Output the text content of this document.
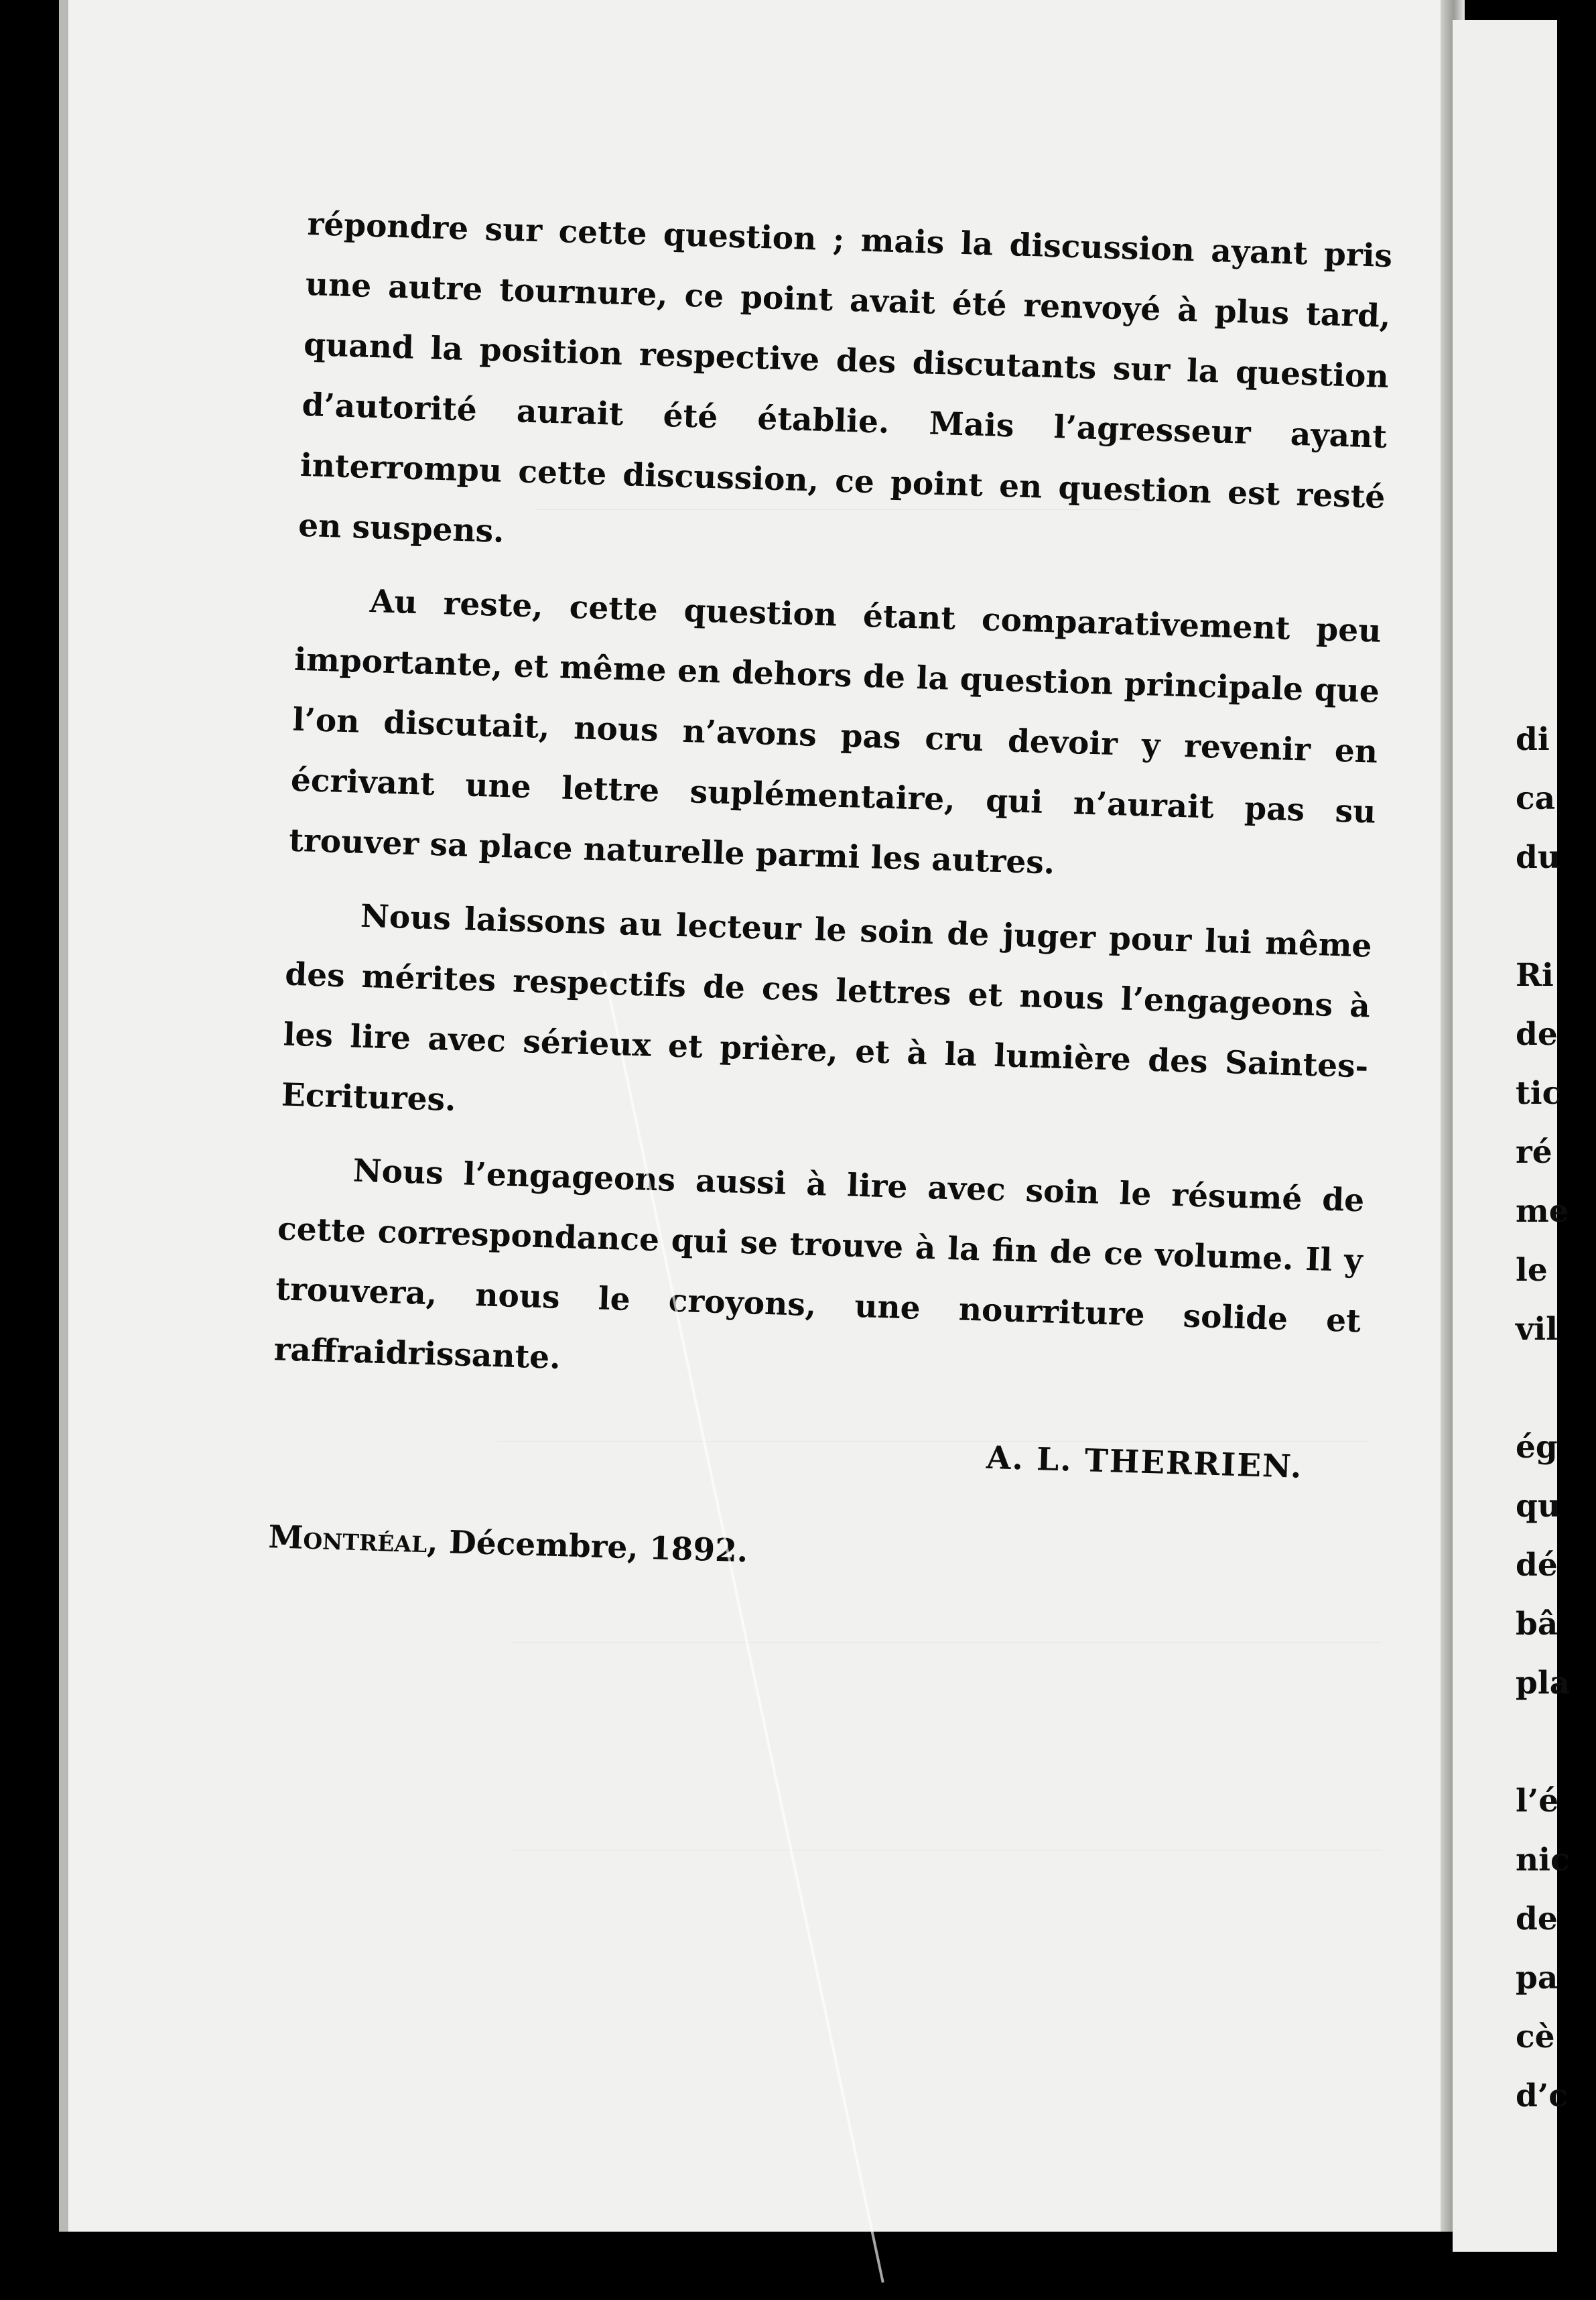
répondre sur cette question ; mais la discussion ayant pris une autre tournure, ce point avait été renvoyé à plus tard, quand la position respective des discutants sur la question d’autorité aurait été établie. Mais l’agresseur ayant interrompu cette discussion, ce point en question est resté en suspens.

Au reste, cette question étant comparativement peu importante, et même en dehors de la question principale que l’on discutait, nous n’avons pas cru devoir y revenir en écrivant une lettre suplémentaire, qui n’aurait pas su trouver sa place naturelle parmi les autres.

Nous laissons au lecteur le soin de juger pour lui même des mérites respectifs de ces lettres et nous l’engageons à les lire avec sérieux et prière, et à la lumière des Saintes-Ecritures.

Nous l’engageons aussi à lire avec soin le résumé de cette correspondance qui se trouve à la fin de ce volume. Il y trouvera, nous le croyons, une nourriture solide et raffraidrissante.

A. L. THERRIEN.
Montréal, Décembre, 1892.
di
ca
du
Ri
de
tic
ré
me
le
vil
ég
qu
dé
bâ
pla
l’é
nic
de
pa
cè
d’c
